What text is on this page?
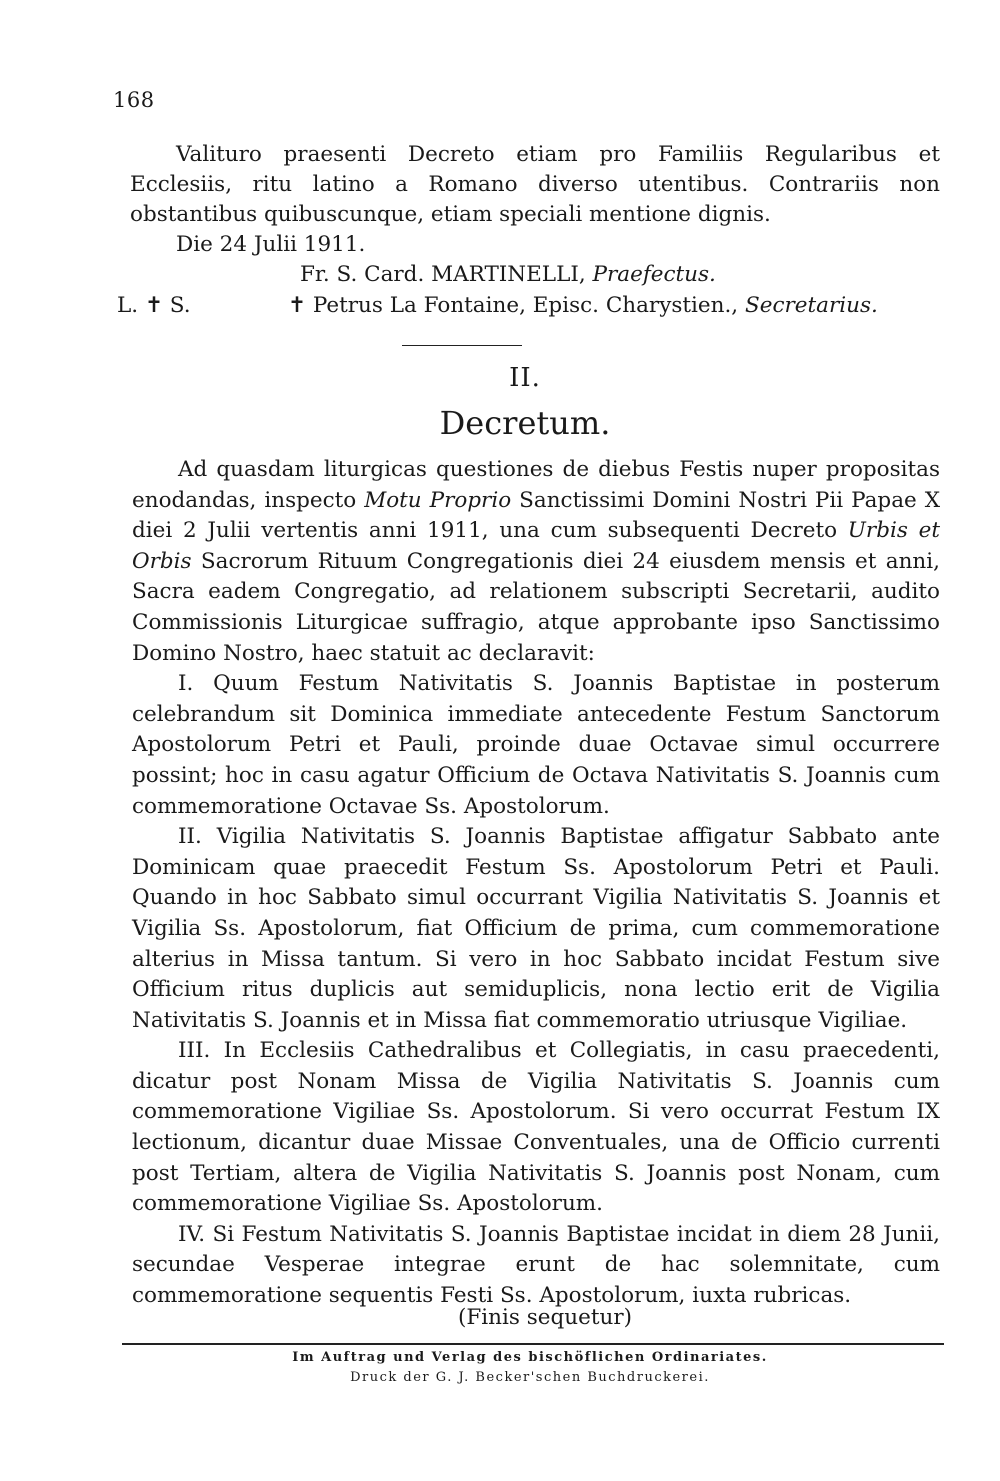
168

Valituro praesenti Decreto etiam pro Familiis Regularibus et Ecclesiis, ritu latino a Romano diverso utentibus. Contrariis non obstantibus quibuscunque, etiam speciali mentione dignis.

Die 24 Julii 1911.

Fr. S. Card. MARTINELLI, Praefectus.
L. ✝ S.	✝ Petrus La Fontaine, Episc. Charystien., Secretarius.
II.
Decretum.

Ad quasdam liturgicas questiones de diebus Festis nuper propositas enodandas, inspecto Motu Proprio Sanctissimi Domini Nostri Pii Papae X diei 2 Julii vertentis anni 1911, una cum subsequenti Decreto Urbis et Orbis Sacrorum Rituum Congregationis diei 24 eiusdem mensis et anni, Sacra eadem Congregatio, ad relationem subscripti Secretarii, audito Commissionis Liturgicae suffragio, atque approbante ipso Sanctissimo Domino Nostro, haec statuit ac declaravit:

I. Quum Festum Nativitatis S. Joannis Baptistae in posterum celebrandum sit Dominica immediate antecedente Festum Sanctorum Apostolorum Petri et Pauli, proinde duae Octavae simul occurrere possint; hoc in casu agatur Officium de Octava Nativitatis S. Joannis cum commemoratione Octavae Ss. Apostolorum.

II. Vigilia Nativitatis S. Joannis Baptistae affigatur Sabbato ante Dominicam quae praecedit Festum Ss. Apostolorum Petri et Pauli. Quando in hoc Sabbato simul occurrant Vigilia Nativitatis S. Joannis et Vigilia Ss. Apostolorum, fiat Officium de prima, cum commemoratione alterius in Missa tantum. Si vero in hoc Sabbato incidat Festum sive Officium ritus duplicis aut semiduplicis, nona lectio erit de Vigilia Nativitatis S. Joannis et in Missa fiat commemoratio utriusque Vigiliae.

III. In Ecclesiis Cathedralibus et Collegiatis, in casu praecedenti, dicatur post Nonam Missa de Vigilia Nativitatis S. Joannis cum commemoratione Vigiliae Ss. Apostolorum. Si vero occurrat Festum IX lectionum, dicantur duae Missae Conventuales, una de Officio currenti post Tertiam, altera de Vigilia Nativitatis S. Joannis post Nonam, cum commemoratione Vigiliae Ss. Apostolorum.

IV. Si Festum Nativitatis S. Joannis Baptistae incidat in diem 28 Junii, secundae Vesperae integrae erunt de hac solemnitate, cum commemoratione sequentis Festi Ss. Apostolorum, iuxta rubricas.

(Finis sequetur)
Im Auftrag und Verlag des bischöflichen Ordinariates.
Druck der G. J. Becker'schen Buchdruckerei.
